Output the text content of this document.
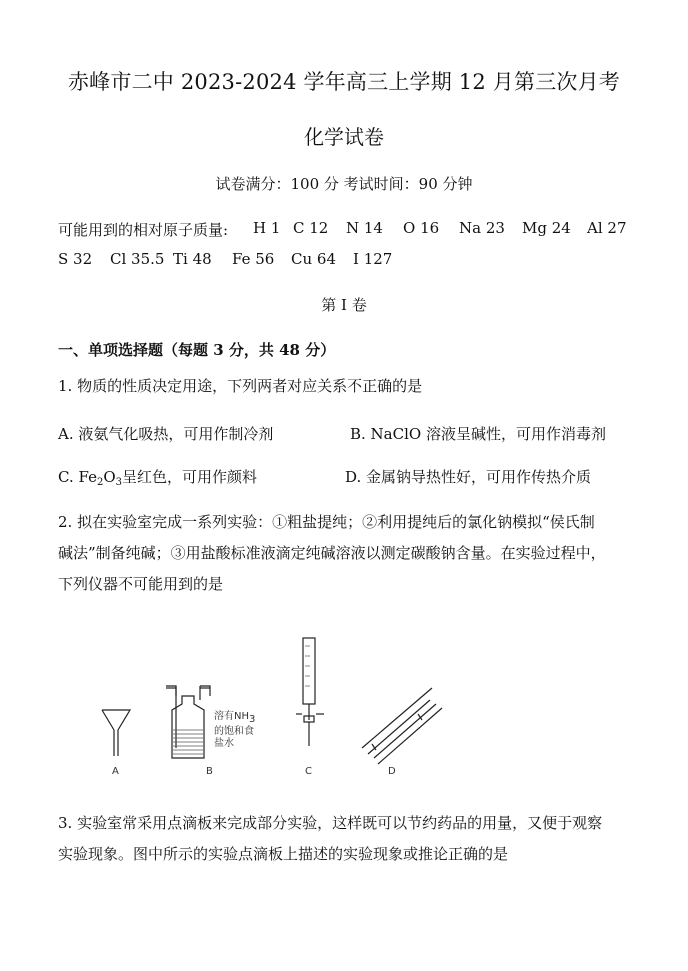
赤峰市二中 2023-2024 学年高三上学期 12 月第三次月考
化学试卷
试卷满分：100 分 考试时间：90 分钟
可能用到的相对原子质量: H 1 C 12 N 14 O 16 Na 23 Mg 24 Al 27
S 32 Cl 35.5 Ti 48 Fe 56 Cu 64 I 127
第 I 卷
一、单项选择题（每题 3 分，共 48 分）
1. 物质的性质决定用途，下列两者对应关系不正确的是
A. 液氨气化吸热，可用作制冷剂	B. NaClO 溶液呈碱性，可用作消毒剂
C. $Fe_2O_3$呈红色，可用作颜料	D. 金属钠导热性好，可用作传热介质
2. 拟在实验室完成一系列实验：①粗盐提纯；②利用提纯后的氯化钠模拟“侯氏制
碱法”制备纯碱；③用盐酸标准液滴定纯碱溶液以测定碳酸钠含量。在实验过程中，
下列仪器不可能用到的是
A	B	C	D
溶有$NH_3$
的饱和食
盐水
3. 实验室常采用点滴板来完成部分实验，这样既可以节约药品的用量，又便于观察
实验现象。图中所示的实验点滴板上描述的实验现象或推论正确的是
